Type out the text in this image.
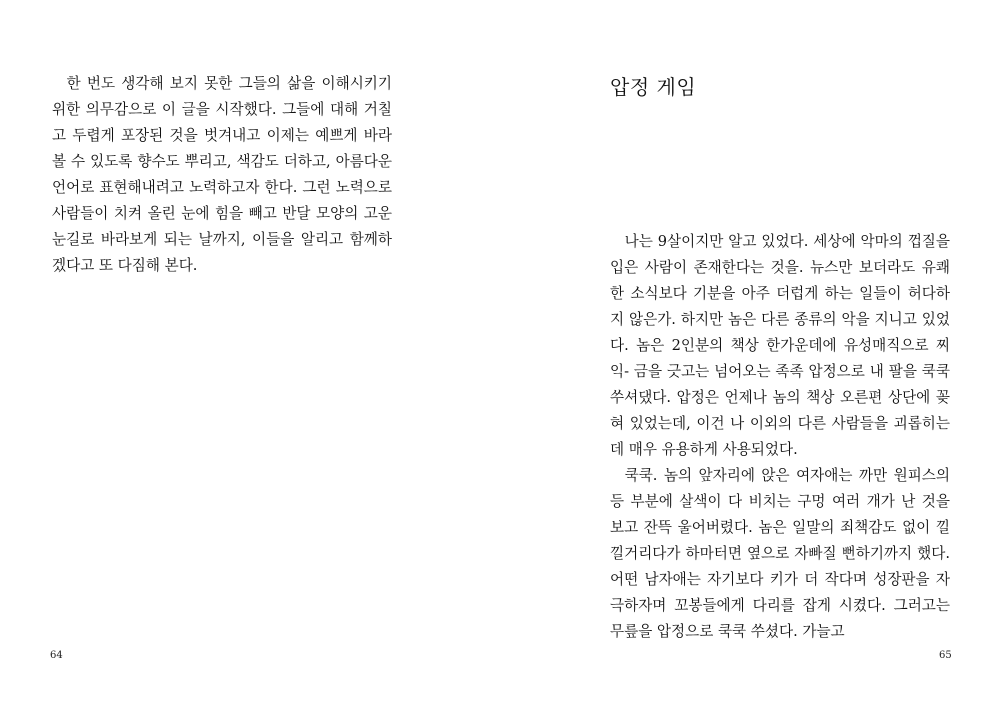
한 번도 생각해 보지 못한 그들의 삶을 이해시키기 위한 의무감으로 이 글을 시작했다. 그들에 대해 거칠고 두렵게 포장된 것을 벗겨내고 이제는 예쁘게 바라볼 수 있도록 향수도 뿌리고, 색감도 더하고, 아름다운 언어로 표현해내려고 노력하고자 한다. 그런 노력으로 사람들이 치켜 올린 눈에 힘을 빼고 반달 모양의 고운 눈길로 바라보게 되는 날까지, 이들을 알리고 함께하겠다고 또 다짐해 본다.

64
압정 게임

나는 9살이지만 알고 있었다. 세상에 악마의 껍질을 입은 사람이 존재한다는 것을. 뉴스만 보더라도 유쾌한 소식보다 기분을 아주 더럽게 하는 일들이 허다하지 않은가. 하지만 놈은 다른 종류의 악을 지니고 있었다. 놈은 2인분의 책상 한가운데에 유성매직으로 찌익- 금을 긋고는 넘어오는 족족 압정으로 내 팔을 쿡쿡 쑤셔댔다. 압정은 언제나 놈의 책상 오른편 상단에 꽂혀 있었는데, 이건 나 이외의 다른 사람들을 괴롭히는데 매우 유용하게 사용되었다.

쿡쿡. 놈의 앞자리에 앉은 여자애는 까만 원피스의 등 부분에 살색이 다 비치는 구멍 여러 개가 난 것을 보고 잔뜩 울어버렸다. 놈은 일말의 죄책감도 없이 낄낄거리다가 하마터면 옆으로 자빠질 뻔하기까지 했다. 어떤 남자애는 자기보다 키가 더 작다며 성장판을 자극하자며 꼬봉들에게 다리를 잡게 시켰다. 그러고는 무릎을 압정으로 쿡쿡 쑤셨다. 가늘고

65
